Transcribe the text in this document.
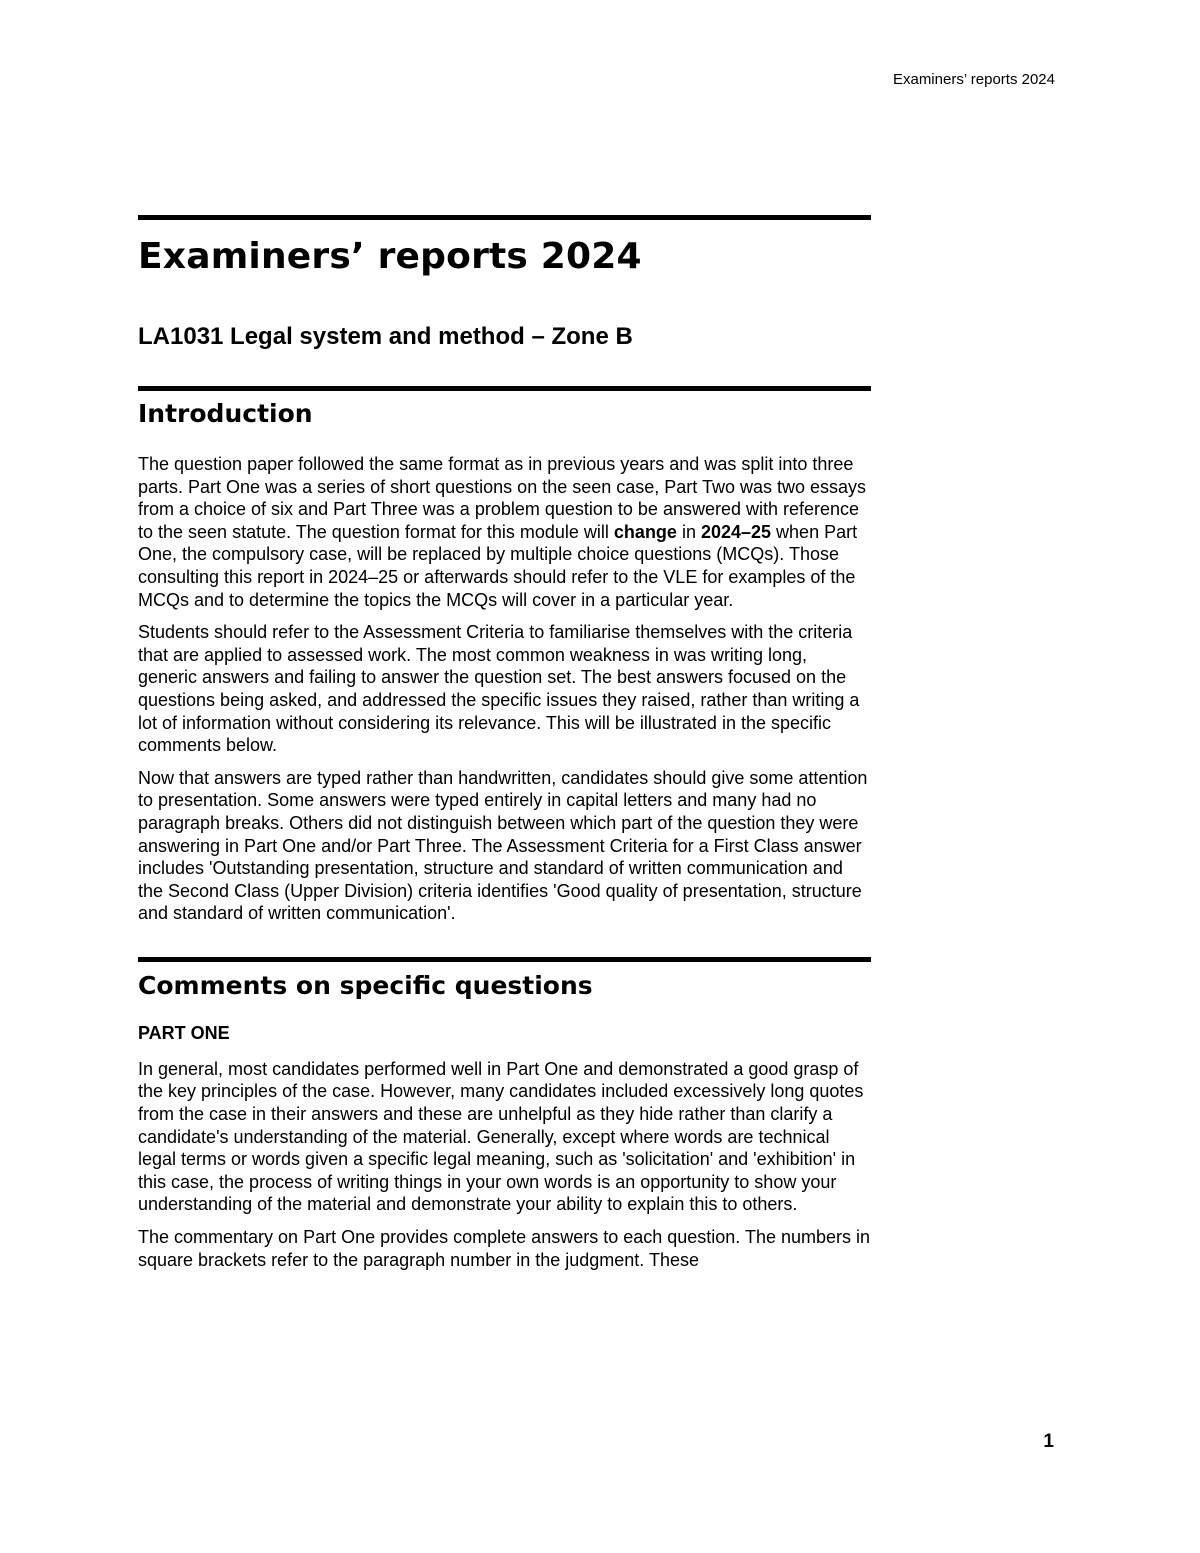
Examiners’ reports 2024
Examiners’ reports 2024
LA1031 Legal system and method – Zone B
Introduction

The question paper followed the same format as in previous years and was split into three parts. Part One was a series of short questions on the seen case, Part Two was two essays from a choice of six and Part Three was a problem question to be answered with reference to the seen statute. The question format for this module will change in 2024–25 when Part One, the compulsory case, will be replaced by multiple choice questions (MCQs). Those consulting this report in 2024–25 or afterwards should refer to the VLE for examples of the MCQs and to determine the topics the MCQs will cover in a particular year.

Students should refer to the Assessment Criteria to familiarise themselves with the criteria that are applied to assessed work. The most common weakness in was writing long, generic answers and failing to answer the question set. The best answers focused on the questions being asked, and addressed the specific issues they raised, rather than writing a lot of information without considering its relevance. This will be illustrated in the specific comments below.

Now that answers are typed rather than handwritten, candidates should give some attention to presentation. Some answers were typed entirely in capital letters and many had no paragraph breaks. Others did not distinguish between which part of the question they were answering in Part One and/or Part Three. The Assessment Criteria for a First Class answer includes 'Outstanding presentation, structure and standard of written communication and the Second Class (Upper Division) criteria identifies 'Good quality of presentation, structure and standard of written communication'.

Comments on specific questions
PART ONE

In general, most candidates performed well in Part One and demonstrated a good grasp of the key principles of the case. However, many candidates included excessively long quotes from the case in their answers and these are unhelpful as they hide rather than clarify a candidate's understanding of the material. Generally, except where words are technical legal terms or words given a specific legal meaning, such as 'solicitation' and 'exhibition' in this case, the process of writing things in your own words is an opportunity to show your understanding of the material and demonstrate your ability to explain this to others.

The commentary on Part One provides complete answers to each question. The numbers in square brackets refer to the paragraph number in the judgment. These

1
